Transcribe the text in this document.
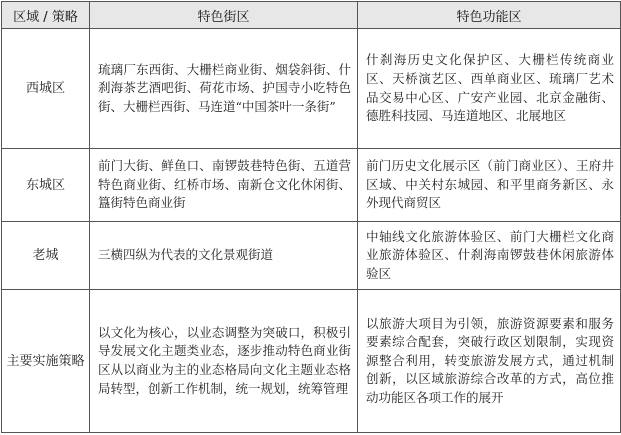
区域 / 策略	特色街区	特色功能区
西城区	琉璃厂东西街、大栅栏商业街、烟袋斜街、什刹海茶艺酒吧街、荷花市场、护国寺小吃特色街、大栅栏西街、马连道“中国茶叶一条街”	什刹海历史文化保护区、大栅栏传统商业区、天桥演艺区、西单商业区、琉璃厂艺术品交易中心区、广安产业园、北京金融街、德胜科技园、马连道地区、北展地区
东城区	前门大街、鲜鱼口、南锣鼓巷特色街、五道营特色商业街、红桥市场、南新仓文化休闲街、簋街特色商业街	前门历史文化展示区（前门商业区）、王府井区域、中关村东城园、和平里商务新区、永外现代商贸区
老城	三横四纵为代表的文化景观街道	中轴线文化旅游体验区、前门大栅栏文化商业旅游体验区、什刹海南锣鼓巷休闲旅游体验区
主要实施策略	以文化为核心，以业态调整为突破口，积极引导发展文化主题类业态，逐步推动特色商业街区从以商业为主的业态格局向文化主题业态格局转型，创新工作机制，统一规划，统筹管理	以旅游大项目为引领，旅游资源要素和服务要素综合配套，突破行政区划限制，实现资源整合利用，转变旅游发展方式，通过机制创新，以区域旅游综合改革的方式，高位推动功能区各项工作的展开
